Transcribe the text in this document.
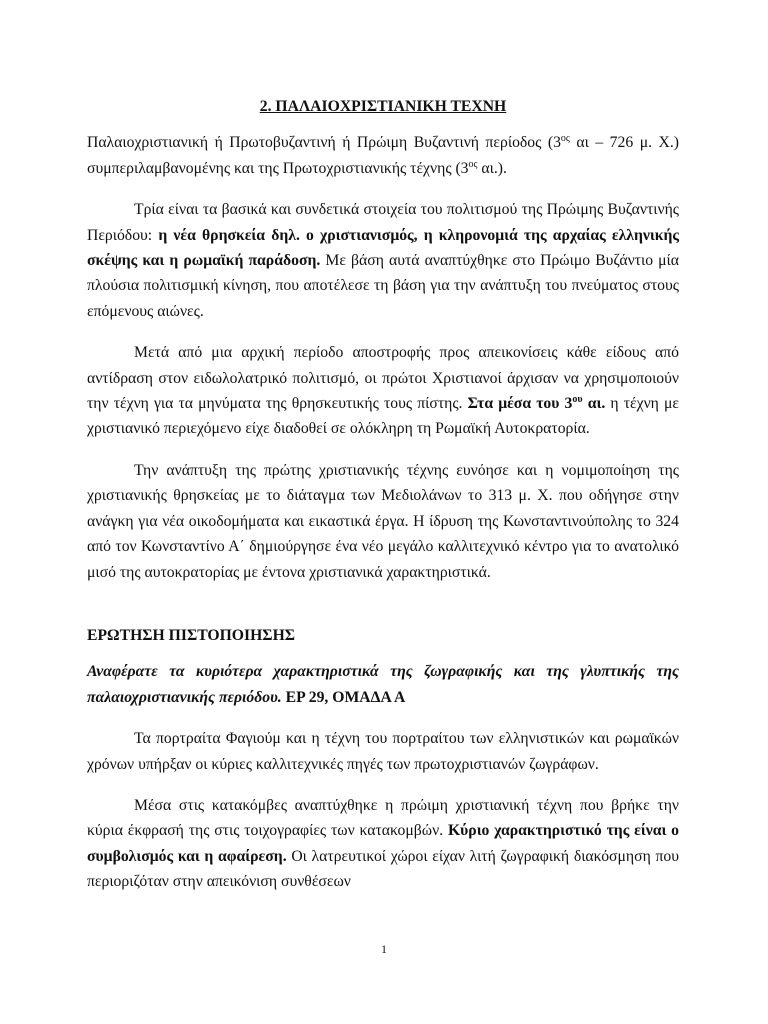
2. ΠΑΛΑΙΟΧΡΙΣΤΙΑΝΙΚΗ ΤΕΧΝΗ

Παλαιοχριστιανική ή Πρωτοβυζαντινή ή Πρώιμη Βυζαντινή περίοδος ($3^{o\varsigma}$ αι – 726 μ. Χ.) συμπεριλαμβανομένης και της Πρωτοχριστιανικής τέχνης ($3^{o\varsigma}$ αι.).

Τρία είναι τα βασικά και συνδετικά στοιχεία του πολιτισμού της Πρώιμης Βυζαντινής Περιόδου: η νέα θρησκεία δηλ. ο χριστιανισμός, η κληρονομιά της αρχαίας ελληνικής σκέψης και η ρωμαϊκή παράδοση. Με βάση αυτά αναπτύχθηκε στο Πρώιμο Βυζάντιο μία πλούσια πολιτισμική κίνηση, που αποτέλεσε τη βάση για την ανάπτυξη του πνεύματος στους επόμενους αιώνες.

Μετά από μια αρχική περίοδο αποστροφής προς απεικονίσεις κάθε είδους από αντίδραση στον ειδωλολατρικό πολιτισμό, οι πρώτοι Χριστιανοί άρχισαν να χρησιμοποιούν την τέχνη για τα μηνύματα της θρησκευτικής τους πίστης. Στα μέσα του $3^{o\upsilon}$ αι. η τέχνη με χριστιανικό περιεχόμενο είχε διαδοθεί σε ολόκληρη τη Ρωμαϊκή Αυτοκρατορία.

Την ανάπτυξη της πρώτης χριστιανικής τέχνης ευνόησε και η νομιμοποίηση της χριστιανικής θρησκείας με το διάταγμα των Μεδιολάνων το 313 μ. Χ. που οδήγησε στην ανάγκη για νέα οικοδομήματα και εικαστικά έργα. Η ίδρυση της Κωνσταντινούπολης το 324 από τον Κωνσταντίνο Α΄ δημιούργησε ένα νέο μεγάλο καλλιτεχνικό κέντρο για το ανατολικό μισό της αυτοκρατορίας με έντονα χριστιανικά χαρακτηριστικά.

ΕΡΩΤΗΣΗ ΠΙΣΤΟΠΟΙΗΣΗΣ

Αναφέρατε τα κυριότερα χαρακτηριστικά της ζωγραφικής και της γλυπτικής της παλαιοχριστιανικής περιόδου. ΕΡ 29, ΟΜΑΔΑ Α

Τα πορτραίτα Φαγιούμ και η τέχνη του πορτραίτου των ελληνιστικών και ρωμαϊκών χρόνων υπήρξαν οι κύριες καλλιτεχνικές πηγές των πρωτοχριστιανών ζωγράφων.

Μέσα στις κατακόμβες αναπτύχθηκε η πρώιμη χριστιανική τέχνη που βρήκε την κύρια έκφρασή της στις τοιχογραφίες των κατακομβών. Κύριο χαρακτηριστικό της είναι ο συμβολισμός και η αφαίρεση. Οι λατρευτικοί χώροι είχαν λιτή ζωγραφική διακόσμηση που περιοριζόταν στην απεικόνιση συνθέσεων

1
